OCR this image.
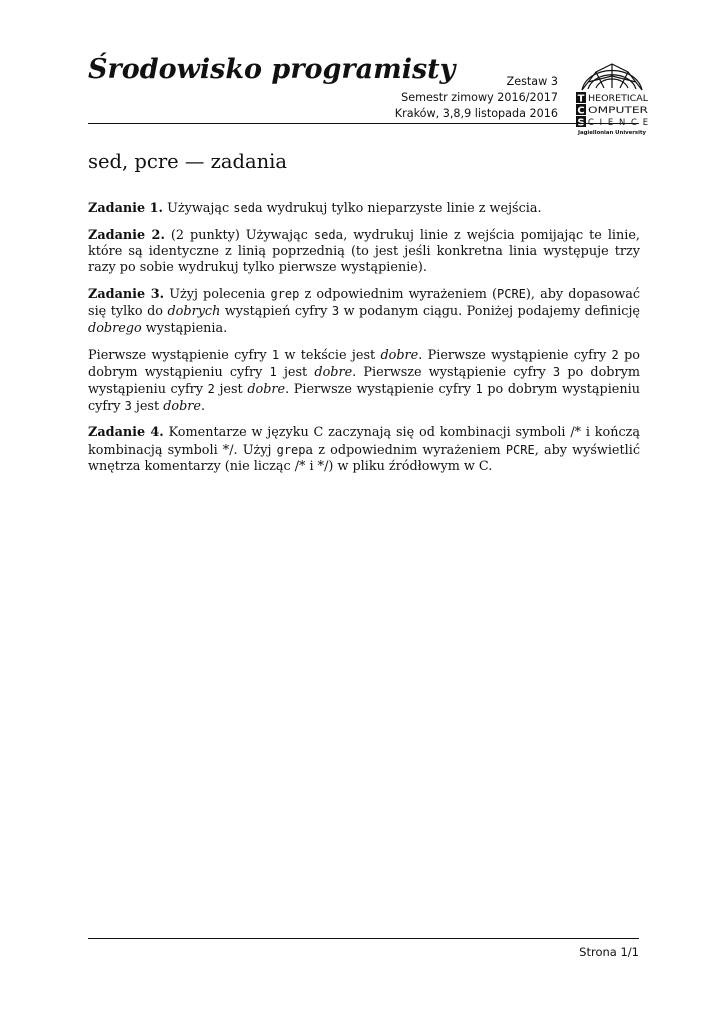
Środowisko programisty	Zestaw 3
Semestr zimowy 2016/2017
Kraków, 3,8,9 listopada 2016
T
C
S
HEORETICAL
OMPUTER
CIENCE
Jagiellonian University
sed, pcre — zadania

Zadanie 1. Używając seda wydrukuj tylko nieparzyste linie z wejścia.

Zadanie 2. (2 punkty) Używając seda, wydrukuj linie z wejścia pomijając te linie, które są identyczne z linią poprzednią (to jest jeśli konkretna linia występuje trzy razy po sobie wydrukuj tylko pierwsze wystąpienie).

Zadanie 3. Użyj polecenia grep z odpowiednim wyrażeniem (PCRE), aby dopasować się tylko do dobrych wystąpień cyfry 3 w podanym ciągu. Poniżej podajemy definicję dobrego wystąpienia.

Pierwsze wystąpienie cyfry 1 w tekście jest dobre. Pierwsze wystąpienie cyfry 2 po dobrym wystąpieniu cyfry 1 jest dobre. Pierwsze wystąpienie cyfry 3 po dobrym wystąpieniu cyfry 2 jest dobre. Pierwsze wystąpienie cyfry 1 po dobrym wystąpieniu cyfry 3 jest dobre.

Zadanie 4. Komentarze w języku C zaczynają się od kombinacji symboli /* i kończą kombinacją symboli */. Użyj grepa z odpowiednim wyrażeniem PCRE, aby wyświetlić wnętrza komentarzy (nie licząc /* i */) w pliku źródłowym w C.

Strona 1/1
